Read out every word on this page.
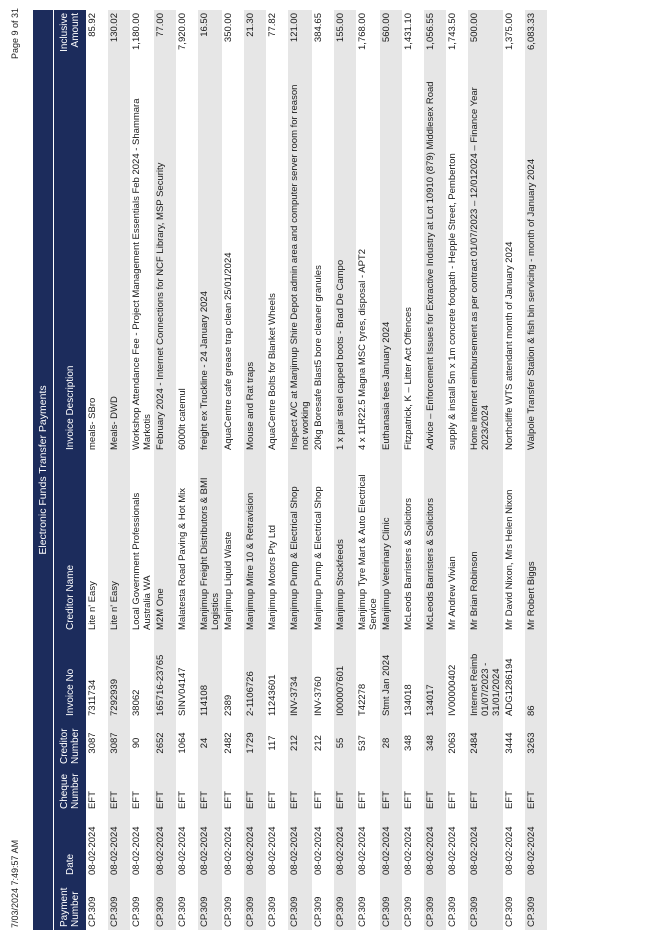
7/03/2024 7:49:57 AM
Page 9 of 31
Electronic Funds Transfer Payments							
Payment Number	Date	Cheque Number	Creditor Number	Invoice No	Creditor Name	Invoice Description	Inclusive Amount
CP.309	08-02-2024	EFT	3087	7311734	Lite n' Easy	meals- SBro	85.92
CP.309	08-02-2024	EFT	3087	7292939	Lite n' Easy	Meals- DWD	130.02
CP.309	08-02-2024	EFT	90	38062	Local Government Professionals Australia WA	Workshop Attendance Fee - Project Management Essentials Feb 2024 - Shammara Markotis	1,180.00
CP.309	08-02-2024	EFT	2652	165716-23765	M2M One	February 2024 - Internet Connections for NCF Library, MSP Security	77.00
CP.309	08-02-2024	EFT	1064	SINV04147	Malatesta Road Paving & Hot Mix	6000lt catemul	7,920.00
CP.309	08-02-2024	EFT	24	114108	Manjimup Freight Distributors & BMI Logistics	freight ex Truckline - 24 January 2024	16.50
CP.309	08-02-2024	EFT	2482	2389	Manjimup Liquid Waste	AquaCentre cafe grease trap clean 25/01/2024	350.00
CP.309	08-02-2024	EFT	1729	2-1106726	Manjimup Mitre 10 & Retravision	Mouse and Rat traps	21.30
CP.309	08-02-2024	EFT	117	11243601	Manjimup Motors Pty Ltd	AquaCentre Bolts for Blanket Wheels	77.82
CP.309	08-02-2024	EFT	212	INV-3734	Manjimup Pump & Electrical Shop	Inspect A/C at Manjimup Shire Depot admin area and computer server room for reason not working	121.00
CP.309	08-02-2024	EFT	212	INV-3760	Manjimup Pump & Electrical Shop	20kg Boresafe Blast5 bore cleaner granules	384.65
CP.309	08-02-2024	EFT	55	I000007601	Manjimup Stockfeeds	1 x pair steel capped boots - Brad De Campo	155.00
CP.309	08-02-2024	EFT	537	T42278	Manjimup Tyre Mart & Auto Electrical Service	4 x 11R22.5 Magna MSC tyres, disposal - APT2	1,768.00
CP.309	08-02-2024	EFT	28	Stmt Jan 2024	Manjimup Veterinary Clinic	Euthanasia fees January 2024	560.00
CP.309	08-02-2024	EFT	348	134018	McLeods Barristers & Solicitors	Fitzpatrick, K – Litter Act Offences	1,431.10
CP.309	08-02-2024	EFT	348	134017	McLeods Barristers & Solicitors	Advice – Enforcement Issues for Extractive Industry at Lot 10910 (879) Middlesex Road	1,056.55
CP.309	08-02-2024	EFT	2063	IV00000402	Mr Andrew Vivian	supply & install 5m x 1m concrete footpath - Hepple Street, Pemberton	1,743.50
CP.309	08-02-2024	EFT	2484	Internet Reimb 01/07/2023 - 31/01/2024	Mr Brian Robinson	Home internet reimbursement as per contract 01/07/2023 – 12/012024 – Finance Year 2023/2024	500.00
CP.309	08-02-2024	EFT	3444	ADG1286194	Mr David Nixon, Mrs Helen Nixon	Northcliffe WTS attendant month of January 2024	1,375.00
CP.309	08-02-2024	EFT	3263	86	Mr Robert Biggs	Walpole Transfer Station & fish bin servicing - month of January 2024	6,083.33
